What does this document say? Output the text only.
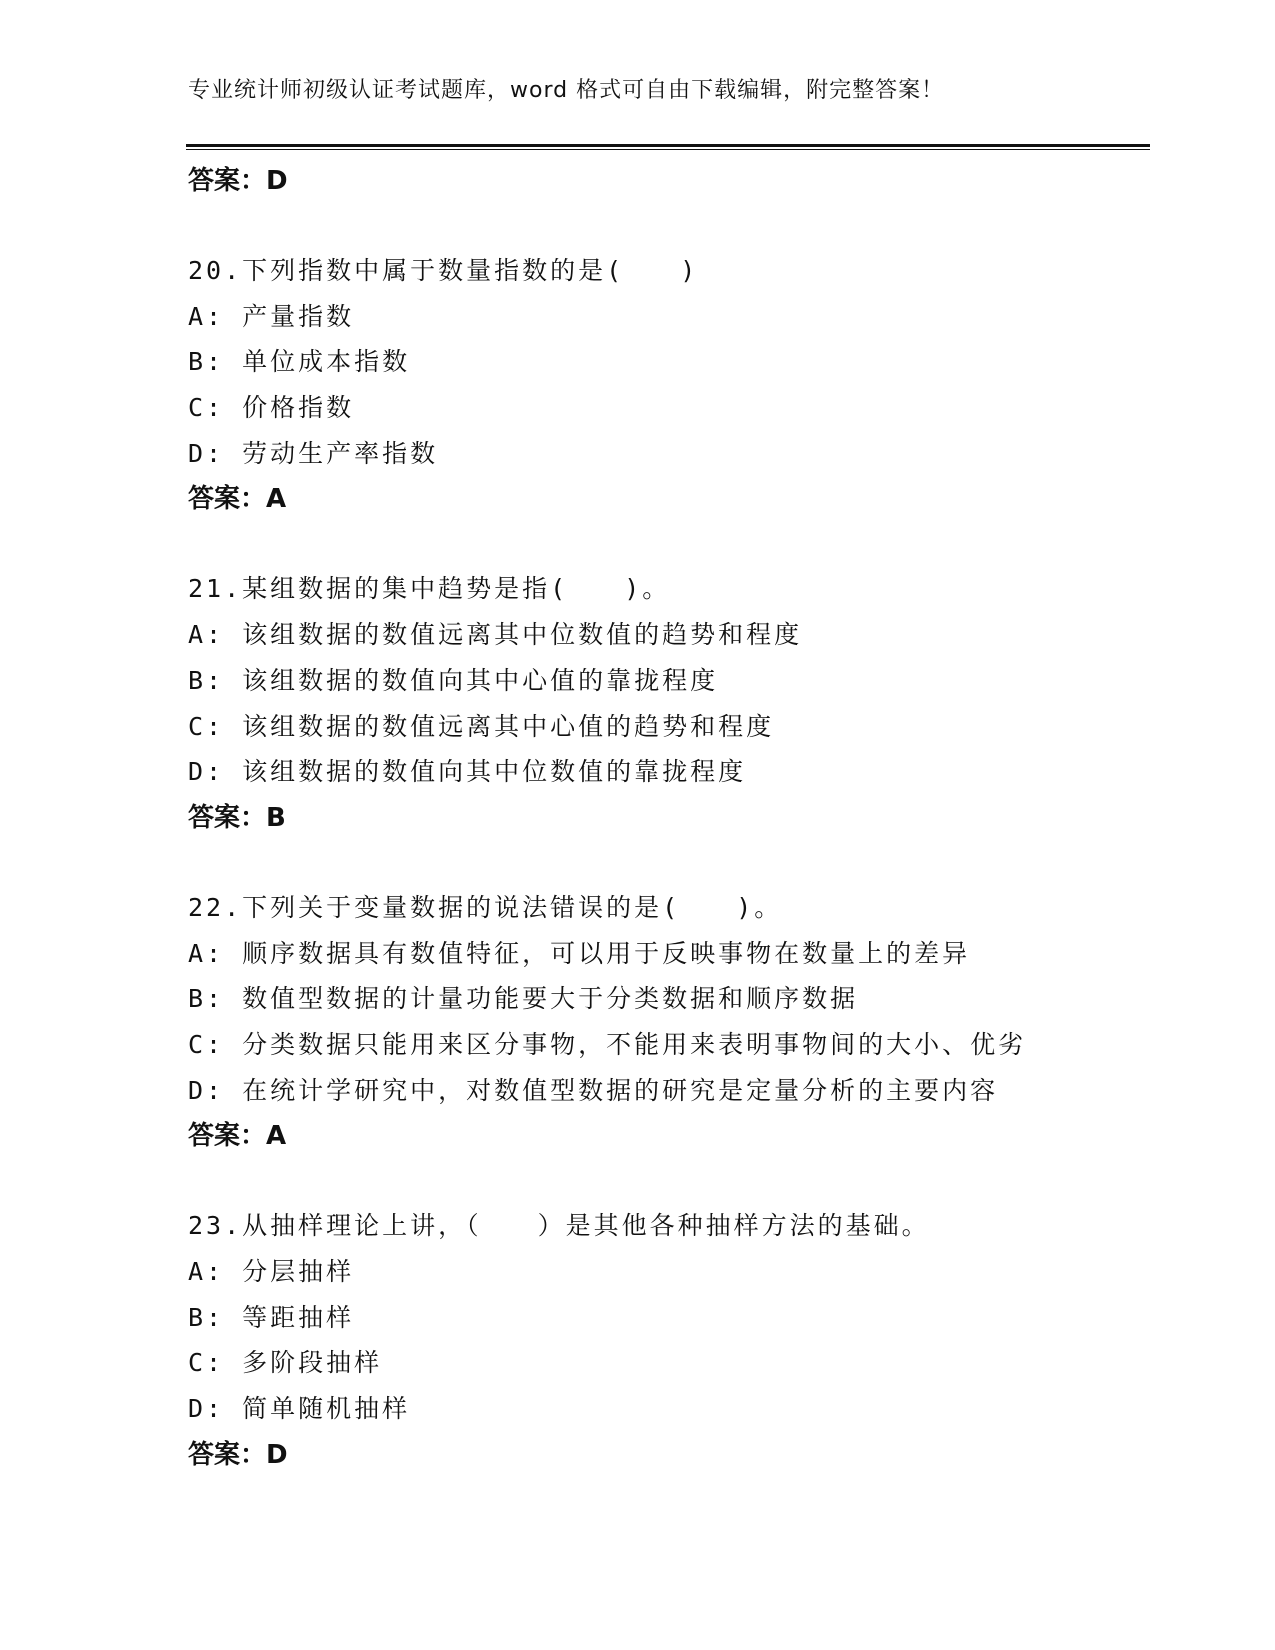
专业统计师初级认证考试题库，word 格式可自由下载编辑，附完整答案！
答案：D
20.下列指数中属于数量指数的是(　　)
A: 产量指数
B: 单位成本指数
C: 价格指数
D: 劳动生产率指数
答案：A
21.某组数据的集中趋势是指(　　)。
A: 该组数据的数值远离其中位数值的趋势和程度
B: 该组数据的数值向其中心值的靠拢程度
C: 该组数据的数值远离其中心值的趋势和程度
D: 该组数据的数值向其中位数值的靠拢程度
答案：B
22.下列关于变量数据的说法错误的是(　　)。
A: 顺序数据具有数值特征，可以用于反映事物在数量上的差异
B: 数值型数据的计量功能要大于分类数据和顺序数据
C: 分类数据只能用来区分事物，不能用来表明事物间的大小、优劣
D: 在统计学研究中，对数值型数据的研究是定量分析的主要内容
答案：A
23.从抽样理论上讲，（　　）是其他各种抽样方法的基础。
A: 分层抽样
B: 等距抽样
C: 多阶段抽样
D: 简单随机抽样
答案：D
